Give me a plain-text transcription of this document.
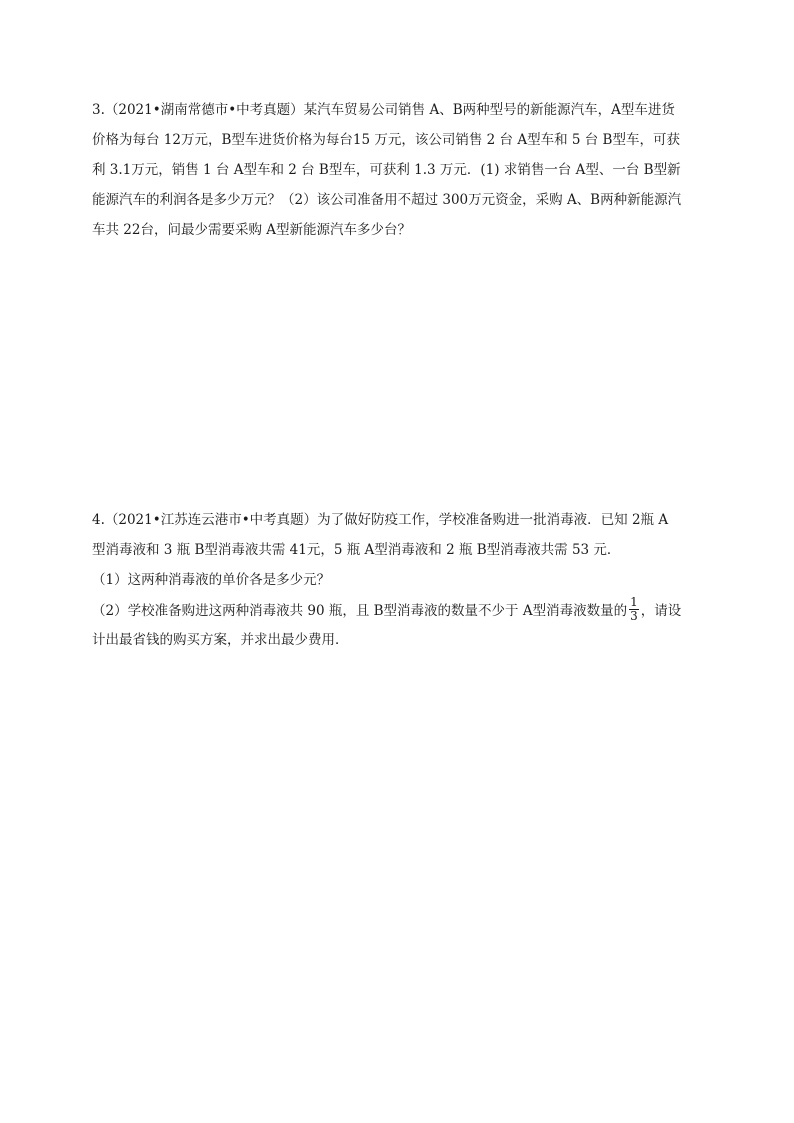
3.（2021•湖南常德市•中考真题）某汽车贸易公司销售 A、B两种型号的新能源汽车，A型车进货
价格为每台 12万元，B型车进货价格为每台15 万元，该公司销售 2 台 A型车和 5 台 B型车，可获
利 3.1万元，销售 1 台 A型车和 2 台 B型车，可获利 1.3 万元．(1) 求销售一台 A型、一台 B型新
能源汽车的利润各是多少万元？（2）该公司准备用不超过 300万元资金，采购 A、B两种新能源汽
车共 22台，问最少需要采购 A型新能源汽车多少台？
4.（2021•江苏连云港市•中考真题）为了做好防疫工作，学校准备购进一批消毒液．已知 2瓶 A
型消毒液和 3 瓶 B型消毒液共需 41元，5 瓶 A型消毒液和 2 瓶 B型消毒液共需 53 元．
（1）这两种消毒液的单价各是多少元？
（2）学校准备购进这两种消毒液共 90 瓶，且 B型消毒液的数量不少于 A型消毒液数量的 $\frac{1}{3}$ ，请设
计出最省钱的购买方案，并求出最少费用．
